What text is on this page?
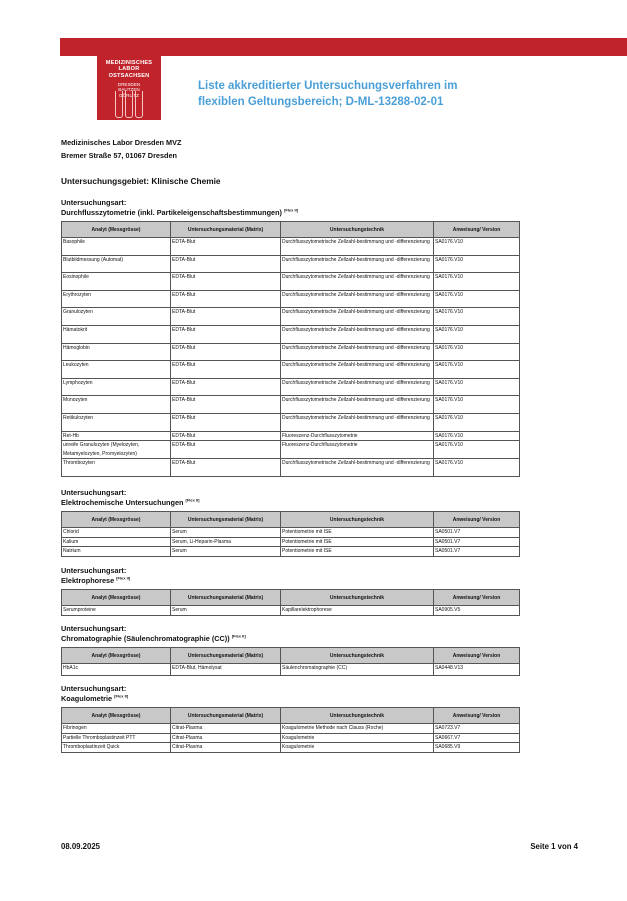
MEDIZINISCHES
LABOR
OSTSACHSEN
DRESDEN
BAUTZEN
GÖRLITZ
Liste akkreditierter Untersuchungsverfahren im
flexiblen Geltungsbereich; D-ML-13288-02-01
Medizinisches Labor Dresden MVZ
Bremer Straße 57, 01067 Dresden
Untersuchungsgebiet: Klinische Chemie
Untersuchungsart:
Durchflusszytometrie (inkl. Partikeleigenschaftsbestimmungen) [Flex II]
Analyt (Messgrösse)	Untersuchungsmaterial (Matrix)	Untersuchungstechnik	Anweisung/ Version
Basophile	EDTA-Blut	Durchflusszytometrische Zellzahl-bestimmung und -differenzierung	SA0176.V10
Blutbildmessung (Automat)	EDTA-Blut	Durchflusszytometrische Zellzahl-bestimmung und -differenzierung	SA0176.V10
Eosinophile	EDTA-Blut	Durchflusszytometrische Zellzahl-bestimmung und -differenzierung	SA0176.V10
Erythrozyten	EDTA-Blut	Durchflusszytometrische Zellzahl-bestimmung und -differenzierung	SA0176.V10
Granulozyten	EDTA-Blut	Durchflusszytometrische Zellzahl-bestimmung und -differenzierung	SA0176.V10
Hämatokrit	EDTA-Blut	Durchflusszytometrische Zellzahl-bestimmung und -differenzierung	SA0176.V10
Hämoglobin	EDTA-Blut	Durchflusszytometrische Zellzahl-bestimmung und -differenzierung	SA0176.V10
Leukozyten	EDTA-Blut	Durchflusszytometrische Zellzahl-bestimmung und -differenzierung	SA0176.V10
Lymphozyten	EDTA-Blut	Durchflusszytometrische Zellzahl-bestimmung und -differenzierung	SA0176.V10
Monozyten	EDTA-Blut	Durchflusszytometrische Zellzahl-bestimmung und -differenzierung	SA0176.V10
Retikulozyten	EDTA-Blut	Durchflusszytometrische Zellzahl-bestimmung und -differenzierung	SA0176.V10
Ret-Hb	EDTA-Blut	Fluoreszenz-Durchflusszytometrie	SA0176.V10
unreife Granulozyten (Myelozyten, Metamyelozyten, Promyelozyten)	EDTA-Blut	Fluoreszenz-Durchflusszytometrie	SA0176.V10
Thrombozyten	EDTA-Blut	Durchflusszytometrische Zellzahl-bestimmung und -differenzierung	SA0176.V10
Untersuchungsart:
Elektrochemische Untersuchungen [Flex II]
Analyt (Messgrösse)	Untersuchungsmaterial (Matrix)	Untersuchungstechnik	Anweisung/ Version
Chlorid	Serum	Potentiometrie mit ISE	SA0501.V7
Kalium	Serum, Li-Heparin-Plasma	Potentiometrie mit ISE	SA0501.V7
Natrium	Serum	Potentiometrie mit ISE	SA0501.V7
Untersuchungsart:
Elektrophorese [Flex II]
Analyt (Messgrösse)	Untersuchungsmaterial (Matrix)	Untersuchungstechnik	Anweisung/ Version
Serumproteine	Serum	Kapillarelektrophorese	SA0905.V5
Untersuchungsart:
Chromatographie (Säulenchromatographie (CC)) [Flex II]
Analyt (Messgrösse)	Untersuchungsmaterial (Matrix)	Untersuchungstechnik	Anweisung/ Version
HbA1c	EDTA-Blut, Hämolysat	Säulenchromatographie (CC)	SA0448.V13
Untersuchungsart:
Koagulometrie [Flex II]
Analyt (Messgrösse)	Untersuchungsmaterial (Matrix)	Untersuchungstechnik	Anweisung/ Version
Fibrinogen	Citrat-Plasma	Koagulometrie Methode nach Clauss (Roche)	SA0723.V7
Partielle Thromboplastinzeit PTT	Citrat-Plasma	Koagulometrie	SA0667.V7
Thromboplastinzeit Quick	Citrat-Plasma	Koagulometrie	SA0685.V9
08.09.2025	Seite 1 von 4
